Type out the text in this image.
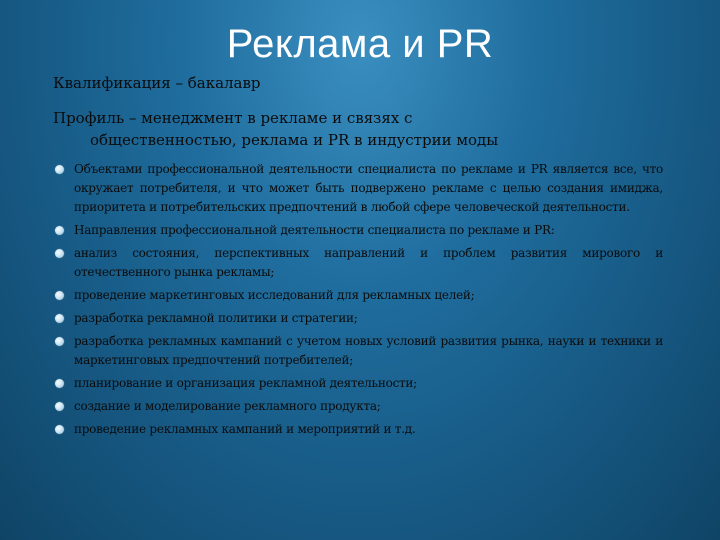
Реклама и PR
Квалификация – бакалавр
Профиль – менеджмент в рекламе и связях с
общественностью, реклама и PR в индустрии моды
Объектами профессиональной деятельности специалиста по рекламе и PR является все, что окружает потребителя, и что может быть подвержено рекламе с целью создания имиджа, приоритета и потребительских предпочтений в любой сфере человеческой деятельности.
Направления профессиональной деятельности специалиста по рекламе и PR:
анализ состояния, перспективных направлений и проблем развития мирового и отечественного рынка рекламы;
проведение маркетинговых исследований для рекламных целей;
разработка рекламной политики и стратегии;
разработка рекламных кампаний с учетом новых условий развития рынка, науки и техники и маркетинговых предпочтений потребителей;
планирование и организация рекламной деятельности;
создание и моделирование рекламного продукта;
проведение рекламных кампаний и мероприятий и т.д.
